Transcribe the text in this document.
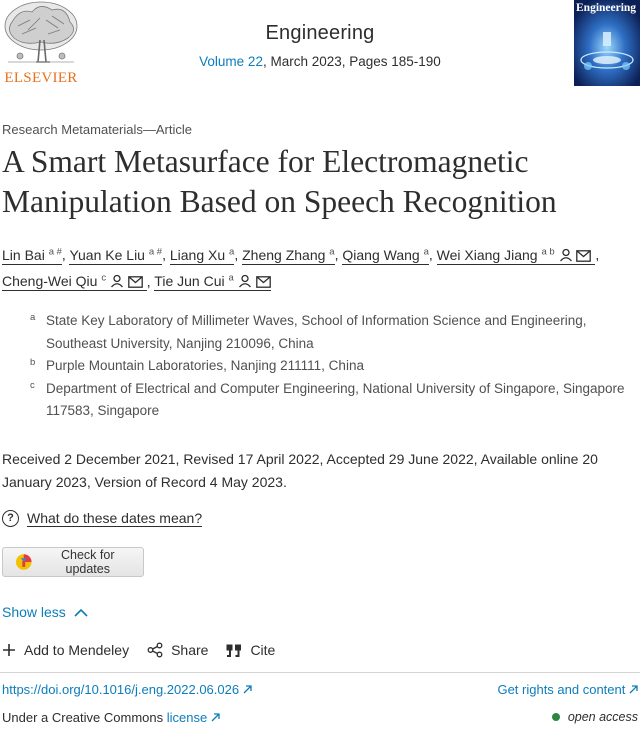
ELSEVIER
Engineering
Volume 22, March 2023, Pages 185-190
Engineering
Research Metamaterials—Article
A Smart Metasurface for Electromagnetic Manipulation Based on Speech Recognition
Lin Bai $^{a \#}$, Yuan Ke Liu $^{a \#}$, Liang Xu $^a$, Zheng Zhang $^a$, Qiang Wang $^a$, Wei Xiang Jiang $^{a b}$	,
Cheng-Wei Qiu $^c$	, Tie Jun Cui $^a$
a State Key Laboratory of Millimeter Waves, School of Information Science and Engineering, Southeast University, Nanjing 210096, China
b Purple Mountain Laboratories, Nanjing 211111, China
c Department of Electrical and Computer Engineering, National University of Singapore, Singapore 117583, Singapore
Received 2 December 2021, Revised 17 April 2022, Accepted 29 June 2022, Available online 20 January 2023, Version of Record 4 May 2023.
? What do these dates mean?
Check for updates
Show less
Add to Mendeley	Share	Cite
https://doi.org/10.1016/j.eng.2022.06.026	Get rights and content
Under a Creative Commons license	open access
